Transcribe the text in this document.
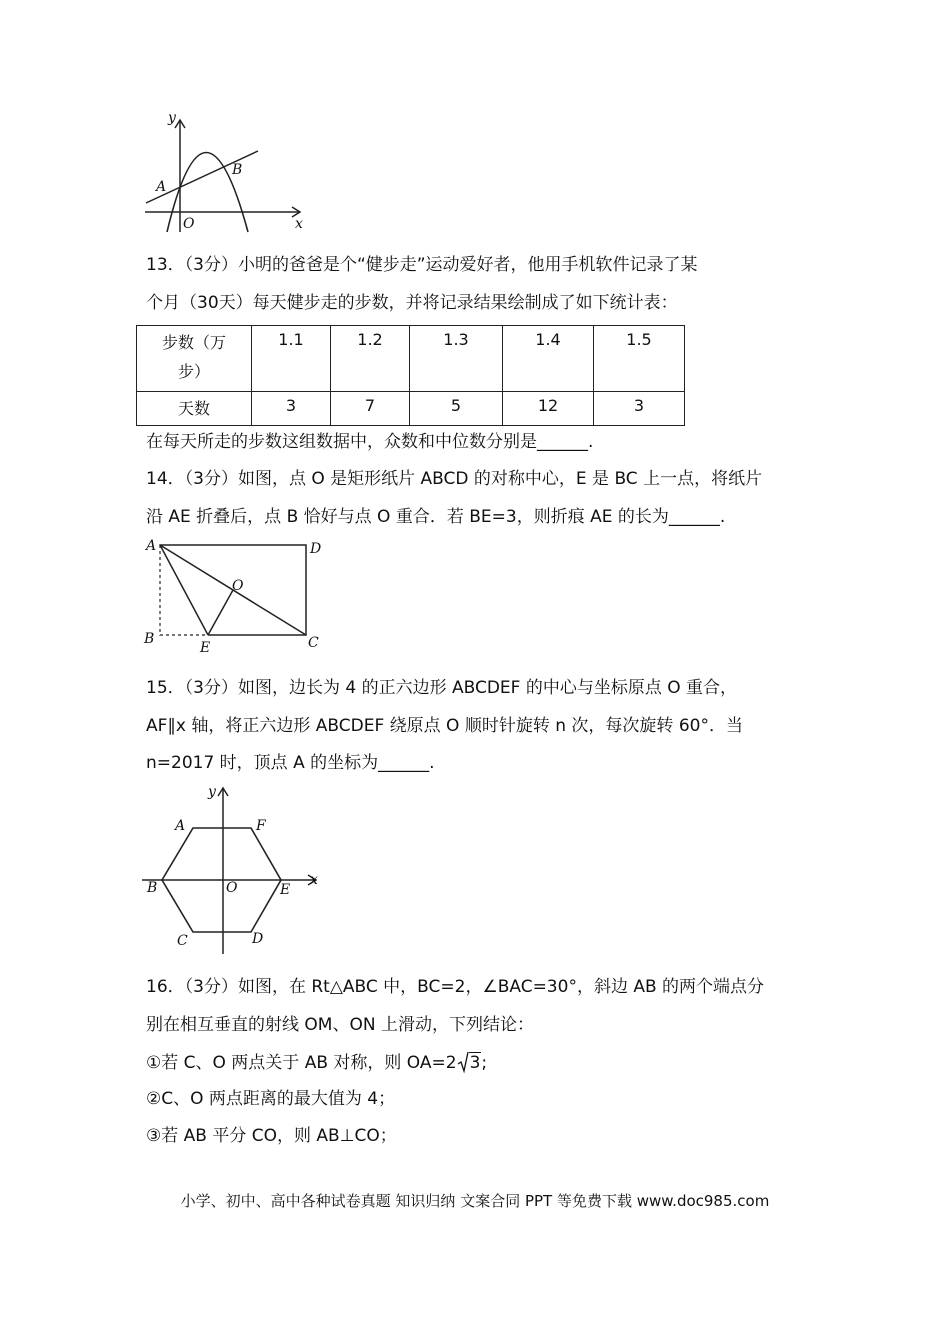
y
x
A
B
O
13．（3分）小明的爸爸是个“健步走”运动爱好者，他用手机软件记录了某
个月（30天）每天健步走的步数，并将记录结果绘制成了如下统计表：
步数（万
步）	1.1	1.2	1.3	1.4	1.5
天数	3	7	5	12	3
在每天所走的步数这组数据中，众数和中位数分别是______.
14．（3分）如图，点 O 是矩形纸片 ABCD 的对称中心，E 是 BC 上一点，将纸片
沿 AE 折叠后，点 B 恰好与点 O 重合．若 BE=3，则折痕 AE 的长为______.
A
B	C
D
E
O
15．（3分）如图，边长为 4 的正六边形 ABCDEF 的中心与坐标原点 O 重合，
AF∥x 轴，将正六边形 ABCDEF 绕原点 O 顺时针旋转 n 次，每次旋转 60°．当
n=2017 时，顶点 A 的坐标为______.
y
x
A	F
B	E
O
C	D
16．（3分）如图，在 Rt△ABC 中，BC=2，∠BAC=30°，斜边 AB 的两个端点分
别在相互垂直的射线 OM、ON 上滑动，下列结论：
①若 C、O 两点关于 AB 对称，则 OA=2 3;
②C、O 两点距离的最大值为 4；
③若 AB 平分 CO，则 AB⊥CO；
小学、初中、高中各种试卷真题 知识归纳 文案合同 PPT 等免费下载 www.doc985.com
